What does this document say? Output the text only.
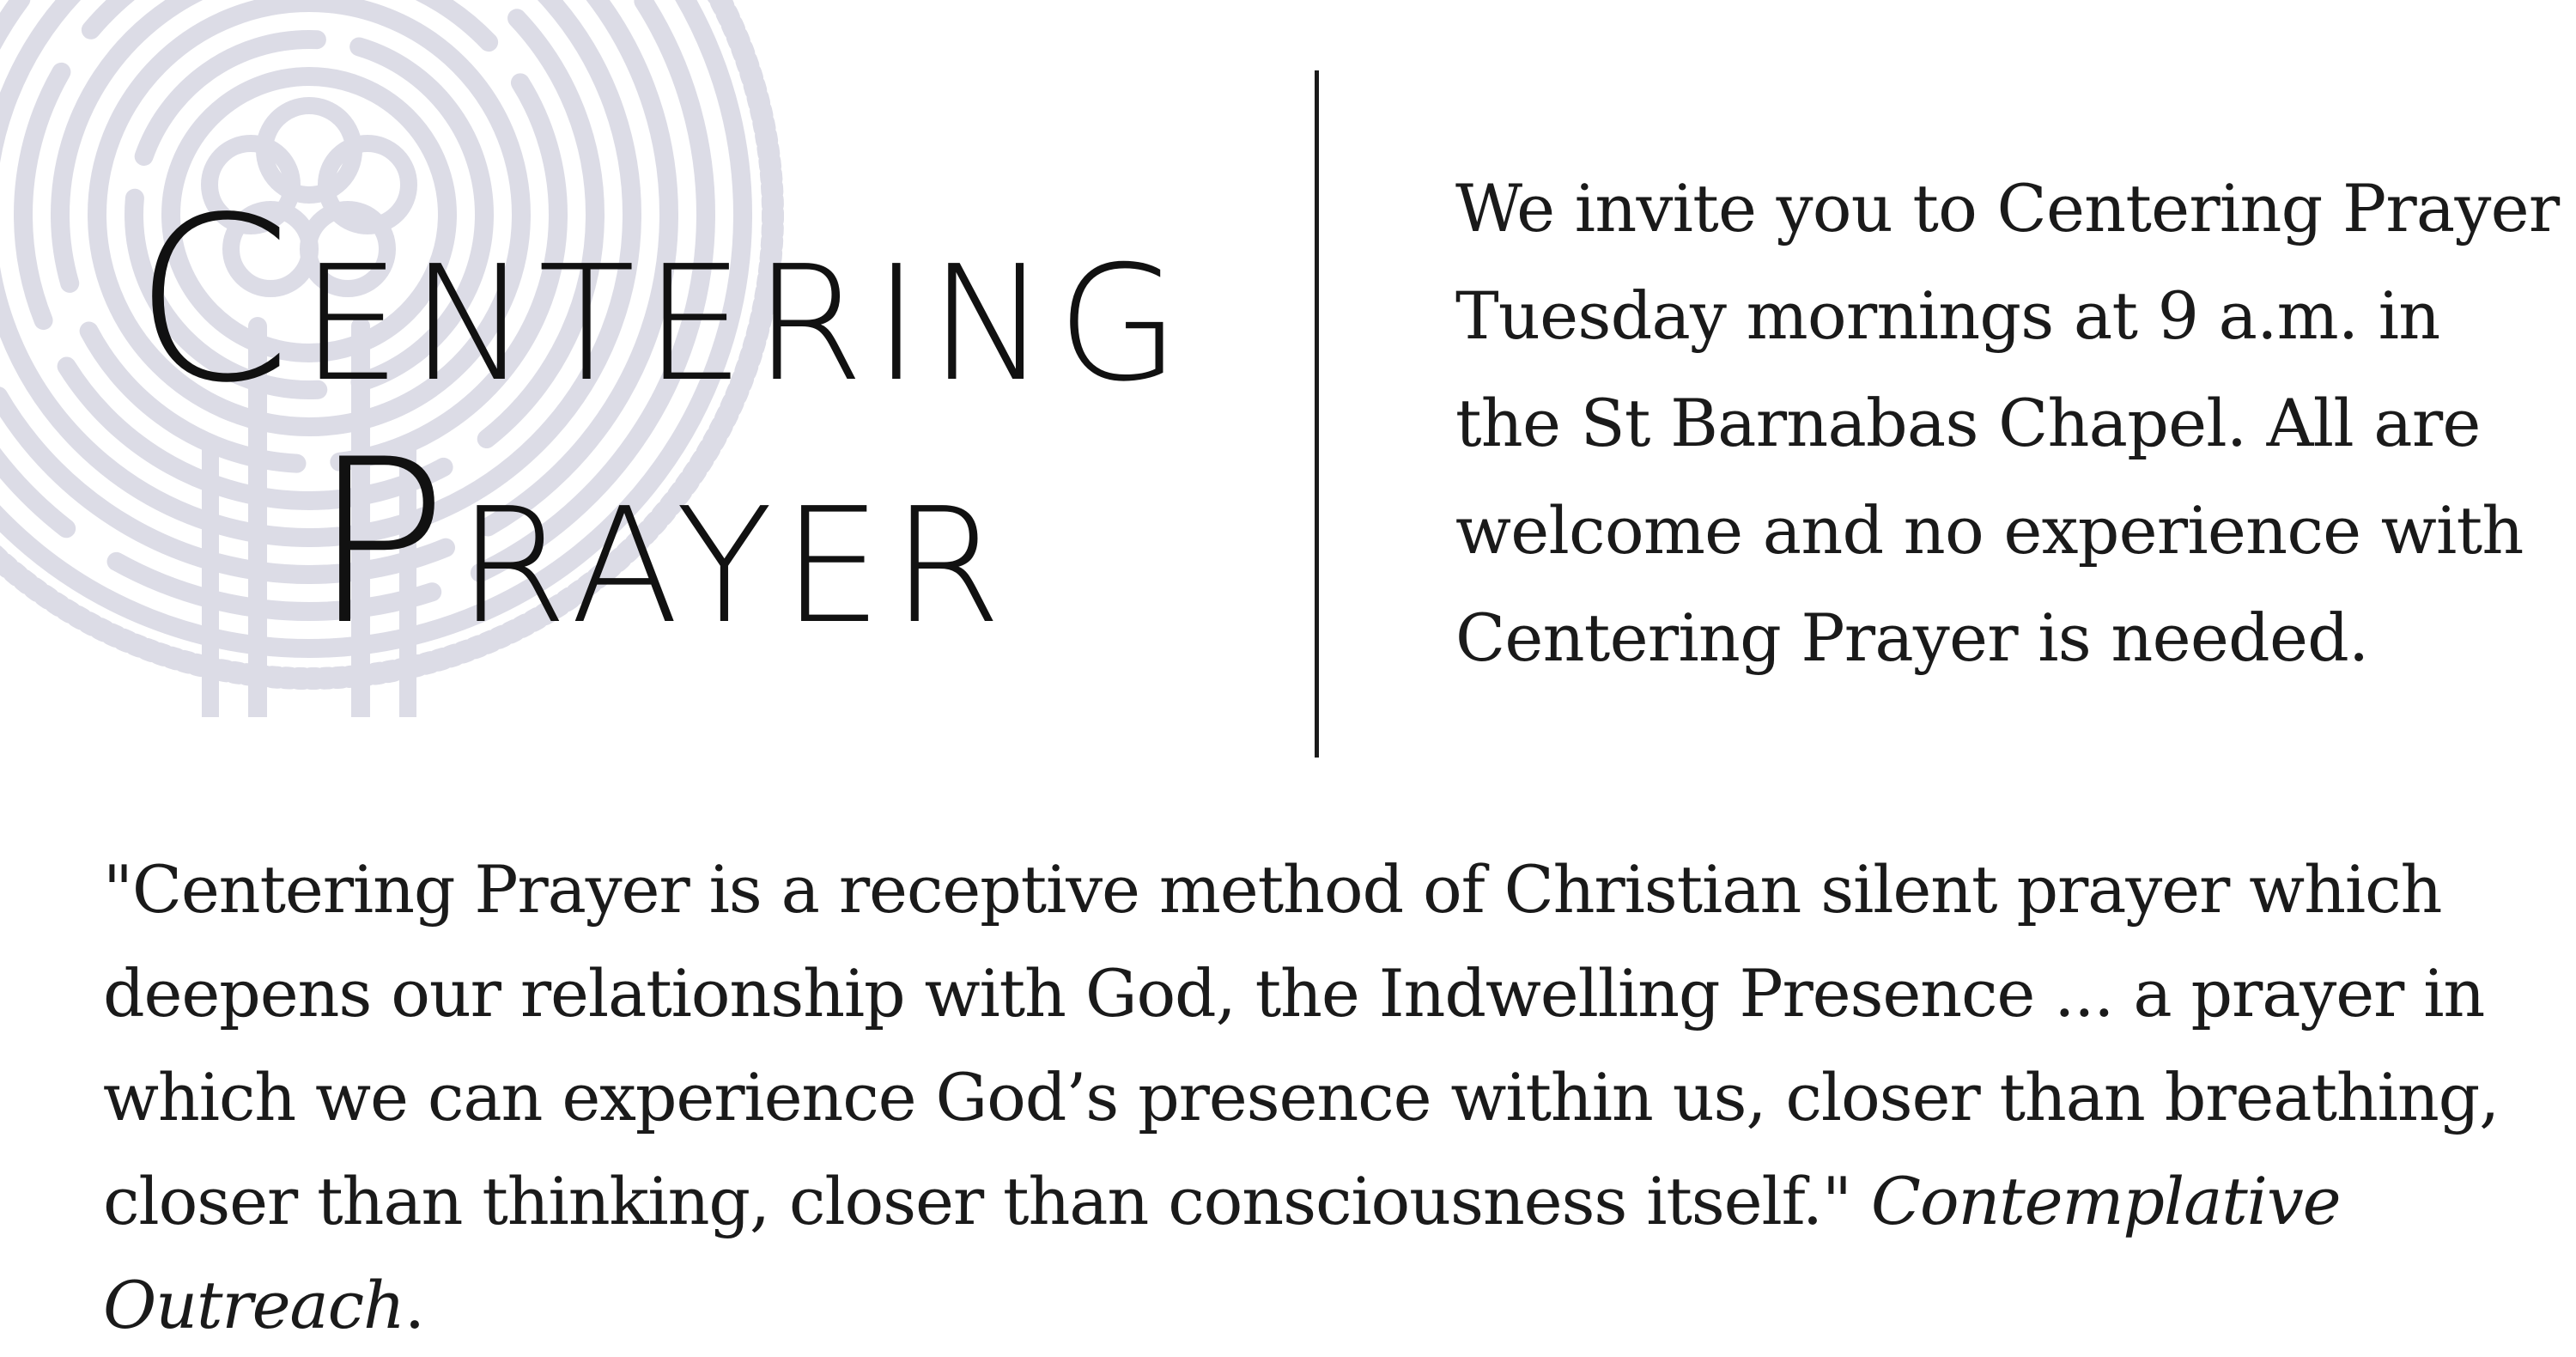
Centering
Prayer

We invite you to Centering Prayer Tuesday mornings at 9 a.m. in the St Barnabas Chapel. All are welcome and no experience with Centering Prayer is needed.

"Centering Prayer is a receptive method of Christian silent prayer which deepens our relationship with God, the Indwelling Presence ... a prayer in which we can experience God’s presence within us, closer than breathing, closer than thinking, closer than consciousness itself." Contemplative Outreach.
